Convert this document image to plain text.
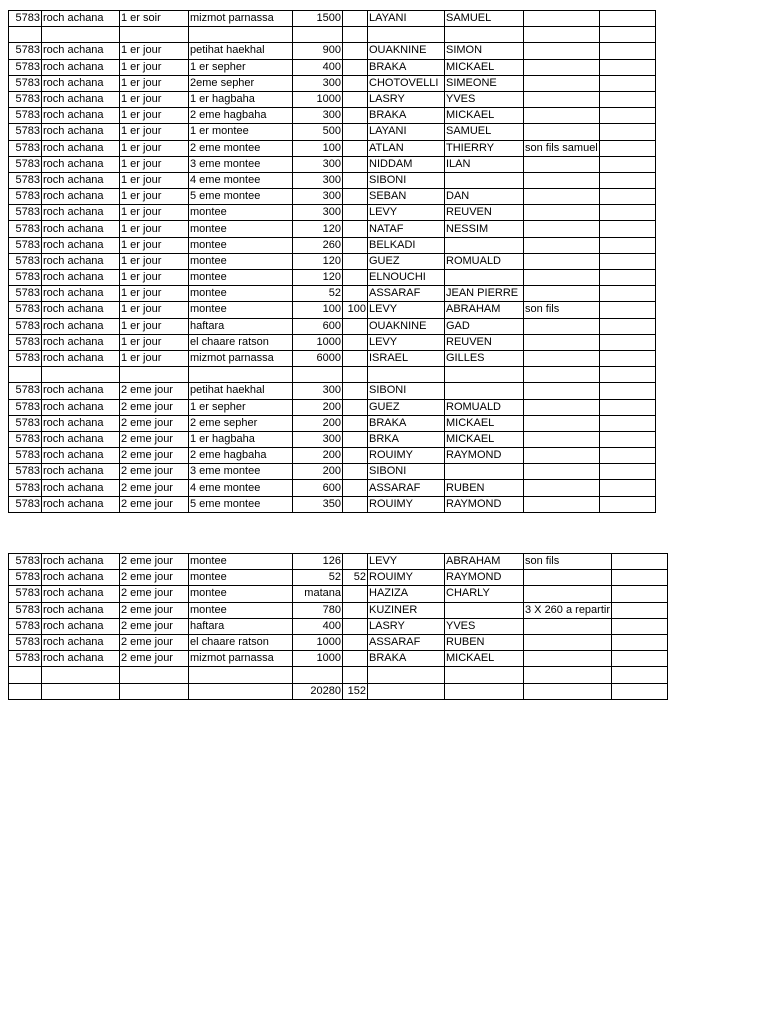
5783	roch achana	1 er soir	mizmot parnassa	1500		LAYANI	SAMUEL		

5783	roch achana	1 er jour	petihat haekhal	900		OUAKNINE	SIMON		
5783	roch achana	1 er jour	1 er sepher	400		BRAKA	MICKAEL		
5783	roch achana	1 er jour	2eme sepher	300		CHOTOVELLI	SIMEONE		
5783	roch achana	1 er jour	1 er hagbaha	1000		LASRY	YVES		
5783	roch achana	1 er jour	2 eme hagbaha	300		BRAKA	MICKAEL		
5783	roch achana	1 er jour	1 er montee	500		LAYANI	SAMUEL		
5783	roch achana	1 er jour	2 eme montee	100		ATLAN	THIERRY	son fils samuel	
5783	roch achana	1 er jour	3 eme montee	300		NIDDAM	ILAN		
5783	roch achana	1 er jour	4 eme montee	300		SIBONI			
5783	roch achana	1 er jour	5 eme montee	300		SEBAN	DAN		
5783	roch achana	1 er jour	montee	300		LEVY	REUVEN		
5783	roch achana	1 er jour	montee	120		NATAF	NESSIM		
5783	roch achana	1 er jour	montee	260		BELKADI			
5783	roch achana	1 er jour	montee	120		GUEZ	ROMUALD		
5783	roch achana	1 er jour	montee	120		ELNOUCHI			
5783	roch achana	1 er jour	montee	52		ASSARAF	JEAN PIERRE		
5783	roch achana	1 er jour	montee	100	100	LEVY	ABRAHAM	son fils	
5783	roch achana	1 er jour	haftara	600		OUAKNINE	GAD		
5783	roch achana	1 er jour	el chaare ratson	1000		LEVY	REUVEN		
5783	roch achana	1 er jour	mizmot parnassa	6000		ISRAEL	GILLES		

5783	roch achana	2 eme jour	petihat haekhal	300		SIBONI			
5783	roch achana	2 eme jour	1 er sepher	200		GUEZ	ROMUALD		
5783	roch achana	2 eme jour	2 eme sepher	200		BRAKA	MICKAEL		
5783	roch achana	2 eme jour	1 er hagbaha	300		BRKA	MICKAEL		
5783	roch achana	2 eme jour	2 eme hagbaha	200		ROUIMY	RAYMOND		
5783	roch achana	2 eme jour	3 eme montee	200		SIBONI			
5783	roch achana	2 eme jour	4 eme montee	600		ASSARAF	RUBEN		
5783	roch achana	2 eme jour	5 eme montee	350		ROUIMY	RAYMOND		
5783	roch achana	2 eme jour	montee	126		LEVY	ABRAHAM	son fils	
5783	roch achana	2 eme jour	montee	52	52	ROUIMY	RAYMOND		
5783	roch achana	2 eme jour	montee	matana		HAZIZA	CHARLY		
5783	roch achana	2 eme jour	montee	780		KUZINER		3 X 260 a repartir	
5783	roch achana	2 eme jour	haftara	400		LASRY	YVES		
5783	roch achana	2 eme jour	el chaare ratson	1000		ASSARAF	RUBEN		
5783	roch achana	2 eme jour	mizmot parnassa	1000		BRAKA	MICKAEL		

				20280	152				
